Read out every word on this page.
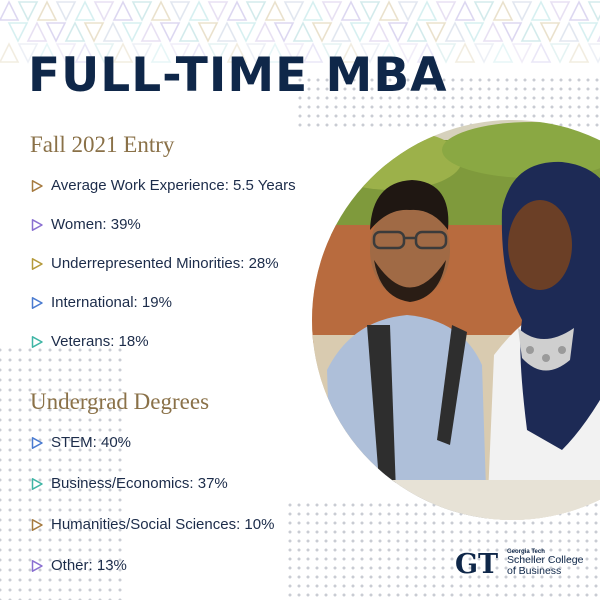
FULL-TIME MBA
Fall 2021 Entry
Average Work Experience: 5.5 Years
Women: 39%
Underrepresented Minorities: 28%
International: 19%
Veterans: 18%
Undergrad Degrees
STEM: 40%
Business/Economics: 37%
Humanities/Social Sciences: 10%
Other: 13%	GT Georgia Tech
Scheller College
of Business
